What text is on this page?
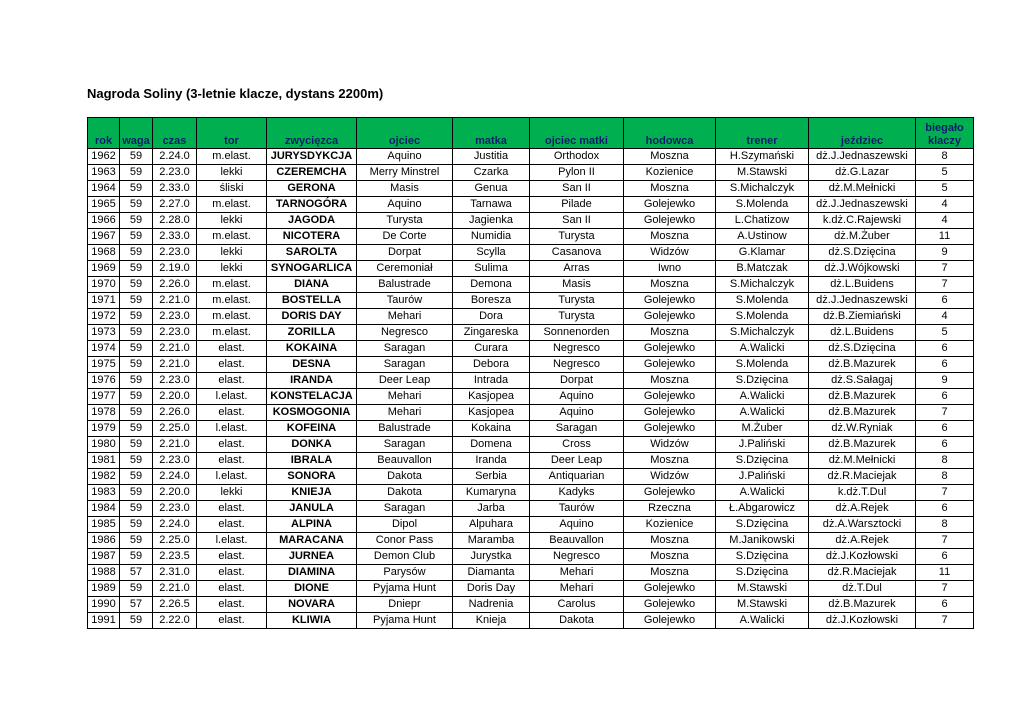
Nagroda Soliny (3-letnie klacze, dystans 2200m)
rok	waga	czas	tor	zwycięzca	ojciec	matka	ojciec matki	hodowca	trener	jeździec	biegało klaczy
1962	59	2.24.0	m.elast.	JURYSDYKCJA	Aquino	Justitia	Orthodox	Moszna	H.Szymański	dż.J.Jednaszewski	8
1963	59	2.23.0	lekki	CZEREMCHA	Merry Minstrel	Czarka	Pylon II	Kozienice	M.Stawski	dż.G.Lazar	5
1964	59	2.33.0	śliski	GERONA	Masis	Genua	San II	Moszna	S.Michalczyk	dż.M.Mełnicki	5
1965	59	2.27.0	m.elast.	TARNOGÓRA	Aquino	Tarnawa	Pilade	Golejewko	S.Molenda	dż.J.Jednaszewski	4
1966	59	2.28.0	lekki	JAGODA	Turysta	Jagienka	San II	Golejewko	L.Chatizow	k.dż.C.Rajewski	4
1967	59	2.33.0	m.elast.	NICOTERA	De Corte	Numidia	Turysta	Moszna	A.Ustinow	dż.M.Żuber	11
1968	59	2.23.0	lekki	SAROLTA	Dorpat	Scylla	Casanova	Widzów	G.Klamar	dż.S.Dzięcina	9
1969	59	2.19.0	lekki	SYNOGARLICA	Ceremoniał	Sulima	Arras	Iwno	B.Matczak	dż.J.Wójkowski	7
1970	59	2.26.0	m.elast.	DIANA	Balustrade	Demona	Masis	Moszna	S.Michalczyk	dż.L.Buidens	7
1971	59	2.21.0	m.elast.	BOSTELLA	Taurów	Boresza	Turysta	Golejewko	S.Molenda	dż.J.Jednaszewski	6
1972	59	2.23.0	m.elast.	DORIS DAY	Mehari	Dora	Turysta	Golejewko	S.Molenda	dż.B.Ziemiański	4
1973	59	2.23.0	m.elast.	ZORILLA	Negresco	Zingareska	Sonnenorden	Moszna	S.Michalczyk	dż.L.Buidens	5
1974	59	2.21.0	elast.	KOKAINA	Saragan	Curara	Negresco	Golejewko	A.Walicki	dż.S.Dzięcina	6
1975	59	2.21.0	elast.	DESNA	Saragan	Debora	Negresco	Golejewko	S.Molenda	dż.B.Mazurek	6
1976	59	2.23.0	elast.	IRANDA	Deer Leap	Intrada	Dorpat	Moszna	S.Dzięcina	dż.S.Sałagaj	9
1977	59	2.20.0	l.elast.	KONSTELACJA	Mehari	Kasjopea	Aquino	Golejewko	A.Walicki	dż.B.Mazurek	6
1978	59	2.26.0	elast.	KOSMOGONIA	Mehari	Kasjopea	Aquino	Golejewko	A.Walicki	dż.B.Mazurek	7
1979	59	2.25.0	l.elast.	KOFEINA	Balustrade	Kokaina	Saragan	Golejewko	M.Żuber	dż.W.Ryniak	6
1980	59	2.21.0	elast.	DONKA	Saragan	Domena	Cross	Widzów	J.Paliński	dż.B.Mazurek	6
1981	59	2.23.0	elast.	IBRALA	Beauvallon	Iranda	Deer Leap	Moszna	S.Dzięcina	dż.M.Mełnicki	8
1982	59	2.24.0	l.elast.	SONORA	Dakota	Serbia	Antiquarian	Widzów	J.Paliński	dż.R.Maciejak	8
1983	59	2.20.0	lekki	KNIEJA	Dakota	Kumaryna	Kadyks	Golejewko	A.Walicki	k.dż.T.Dul	7
1984	59	2.23.0	elast.	JANULA	Saragan	Jarba	Taurów	Rzeczna	Ł.Abgarowicz	dż.A.Rejek	6
1985	59	2.24.0	elast.	ALPINA	Dipol	Alpuhara	Aquino	Kozienice	S.Dzięcina	dż.A.Warsztocki	8
1986	59	2.25.0	l.elast.	MARACANA	Conor Pass	Maramba	Beauvallon	Moszna	M.Janikowski	dż.A.Rejek	7
1987	59	2.23.5	elast.	JURNEA	Demon Club	Jurystka	Negresco	Moszna	S.Dzięcina	dż.J.Kozłowski	6
1988	57	2.31.0	elast.	DIAMINA	Parysów	Diamanta	Mehari	Moszna	S.Dzięcina	dż.R.Maciejak	11
1989	59	2.21.0	elast.	DIONE	Pyjama Hunt	Doris Day	Mehari	Golejewko	M.Stawski	dż.T.Dul	7
1990	57	2.26.5	elast.	NOVARA	Dniepr	Nadrenia	Carolus	Golejewko	M.Stawski	dż.B.Mazurek	6
1991	59	2.22.0	elast.	KLIWIA	Pyjama Hunt	Knieja	Dakota	Golejewko	A.Walicki	dż.J.Kozłowski	7
